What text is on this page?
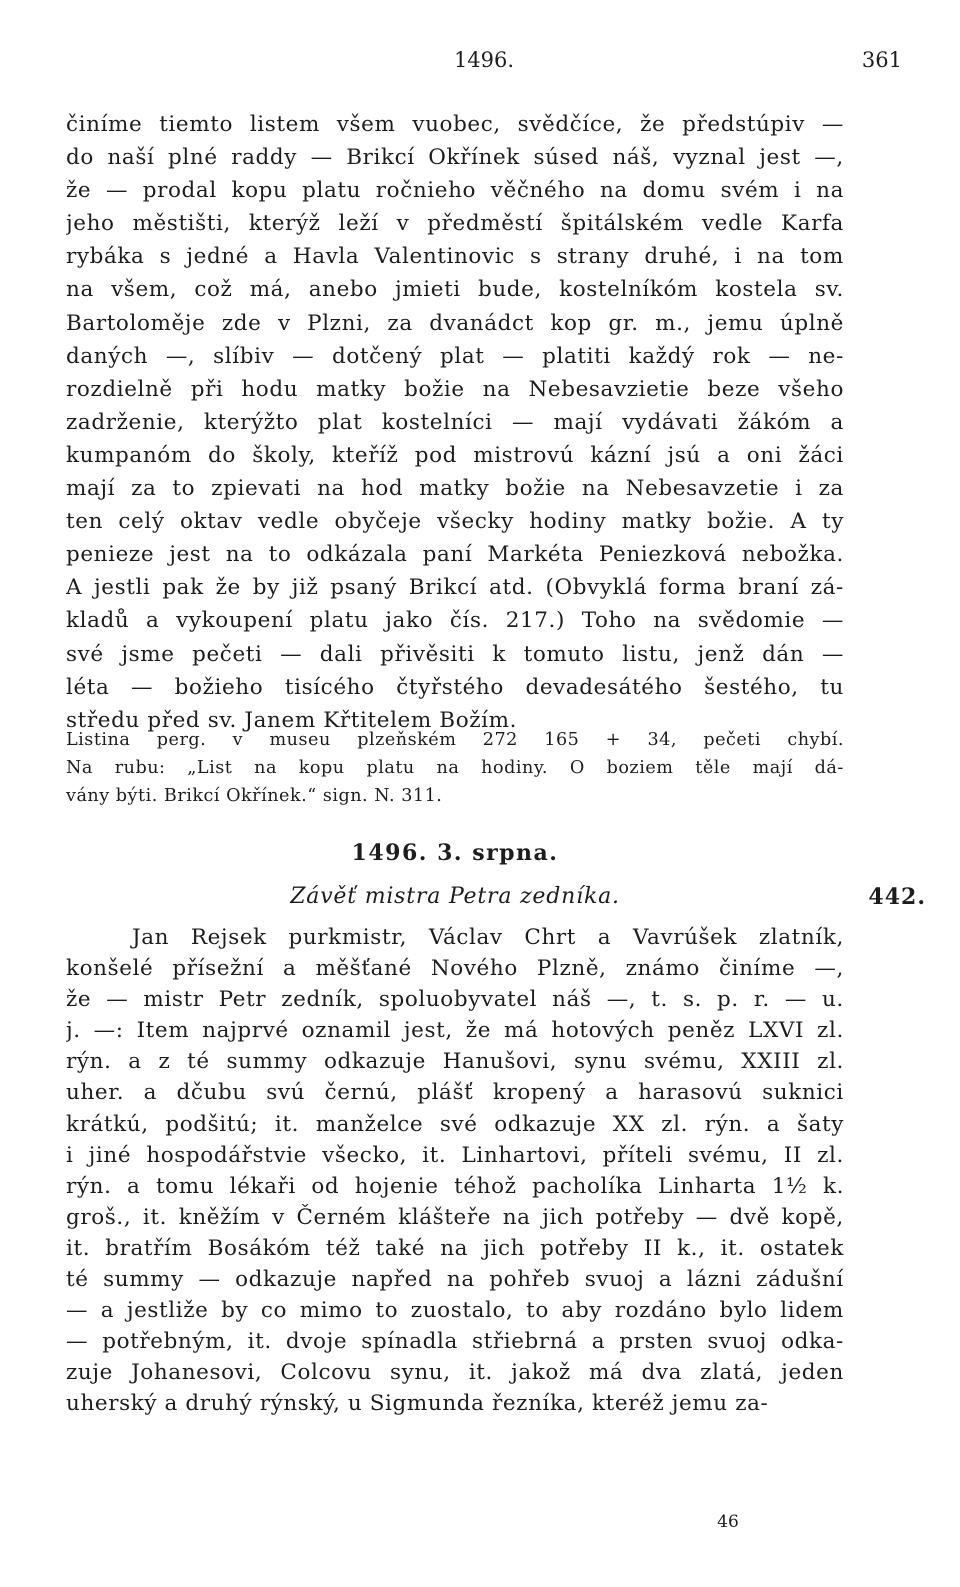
1496.	361
činíme tiemto listem všem vuobec, svědčíce, že předstúpiv —
do naší plné raddy — Brikcí Okřínek súsed náš, vyznal jest —,
že — prodal kopu platu ročnieho věčného na domu svém i na
jeho městišti, kterýž leží v předměstí špitálském vedle Karfa
rybáka s jedné a Havla Valentinovic s strany druhé, i na tom
na všem, což má, anebo jmieti bude, kostelníkóm kostela sv.
Bartoloměje zde v Plzni, za dvanádct kop gr. m., jemu úplně
daných —, slíbiv — dotčený plat — platiti každý rok — ne-
rozdielně při hodu matky božie na Nebesavzietie beze všeho
zadrženie, kterýžto plat kostelníci — mají vydávati žákóm a
kumpanóm do školy, kteříž pod mistrovú kázní jsú a oni žáci
mají za to zpievati na hod matky božie na Nebesavzetie i za
ten celý oktav vedle obyčeje všecky hodiny matky božie. A ty
penieze jest na to odkázala paní Markéta Peniezková nebožka.
A jestli pak že by již psaný Brikcí atd. (Obvyklá forma braní zá-
kladů a vykoupení platu jako čís. 217.) Toho na svědomie —
své jsme pečeti — dali přivěsiti k tomuto listu, jenž dán —
léta — božieho tisícého čtyřstého devadesátého šestého, tu
středu před sv. Janem Křtitelem Božím.
Listina perg. v museu plzeňském 272 165 + 34, pečeti chybí.
Na rubu: „List na kopu platu na hodiny. O boziem těle mají dá-
vány býti. Brikcí Okřínek.“ sign. N. 311.
1496. 3. srpna.
Závěť mistra Petra zedníka.	442.
Jan Rejsek purkmistr, Václav Chrt a Vavrúšek zlatník,
konšelé přísežní a měšťané Nového Plzně, známo činíme —,
že — mistr Petr zedník, spoluobyvatel náš —, t. s. p. r. — u.
j. —: Item najprvé oznamil jest, že má hotových peněz LXVI zl.
rýn. a z té summy odkazuje Hanušovi, synu svému, XXIII zl.
uher. a dčubu svú černú, plášť kropený a harasovú suknici
krátkú, podšitú; it. manželce své odkazuje XX zl. rýn. a šaty
i jiné hospodářstvie všecko, it. Linhartovi, příteli svému, II zl.
rýn. a tomu lékaři od hojenie téhož pacholíka Linharta 1½ k.
groš., it. kněžím v Černém klášteře na jich potřeby — dvě kopě,
it. bratřím Bosákóm též také na jich potřeby II k., it. ostatek
té summy — odkazuje napřed na pohřeb svuoj a lázni zádušní
— a jestliže by co mimo to zuostalo, to aby rozdáno bylo lidem
— potřebným, it. dvoje spínadla střiebrná a prsten svuoj odka-
zuje Johanesovi, Colcovu synu, it. jakož má dva zlatá, jeden
uherský a druhý rýnský, u Sigmunda řezníka, kteréž jemu za-
46
